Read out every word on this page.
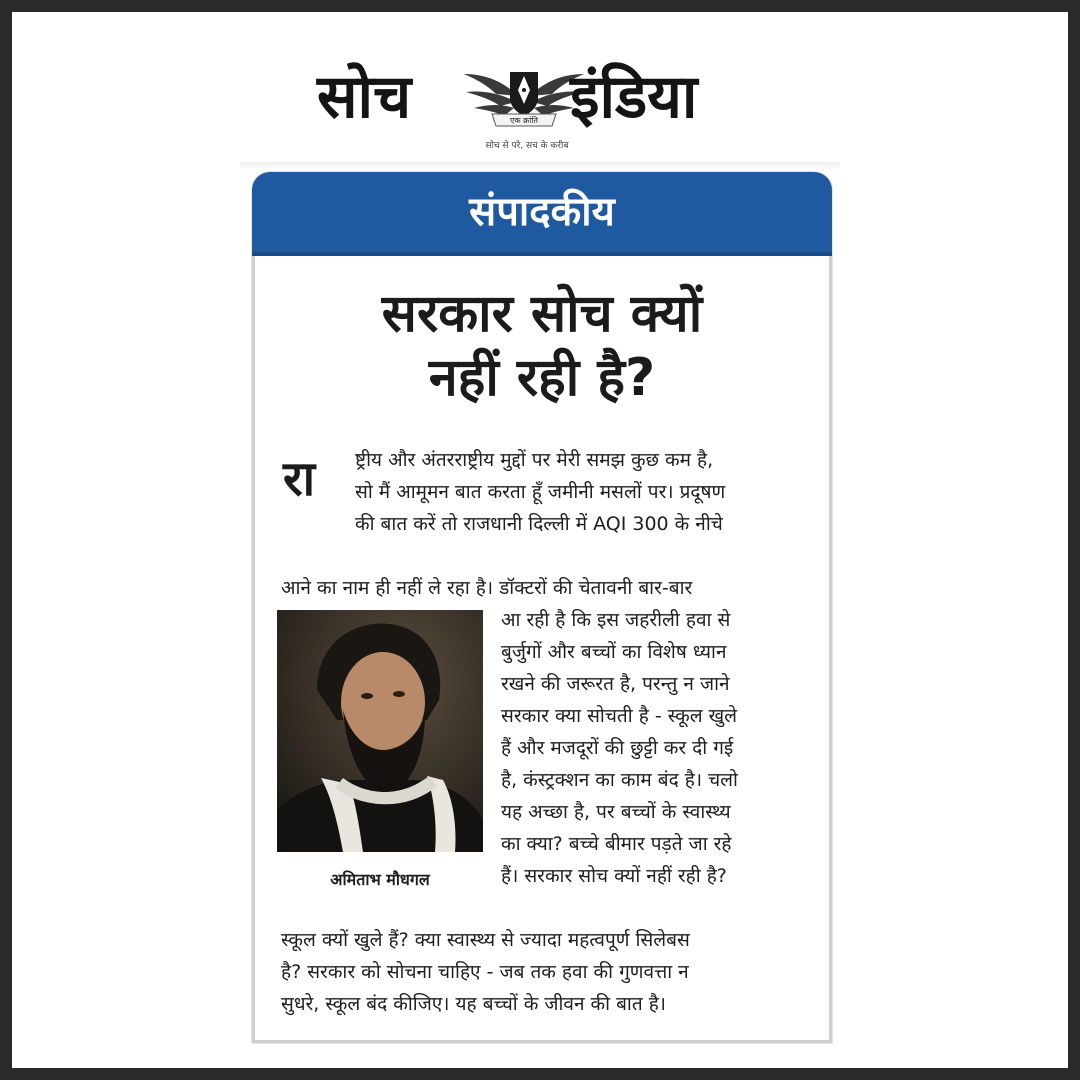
सोच	एक क्रांति
सोच से परे, सच के करीब
इंडिया
संपादकीय
सरकार सोच क्यों
नहीं रही है?
रा ष्ट्रीय और अंतरराष्ट्रीय मुद्दों पर मेरी समझ कुछ कम है,
सो मैं आमूमन बात करता हूँ जमीनी मसलों पर। प्रदूषण
की बात करें तो राजधानी दिल्ली में AQI 300 के नीचे
आने का नाम ही नहीं ले रहा है। डॉक्टरों की चेतावनी बार-बार
अमिताभ मौधगल
आ रही है कि इस जहरीली हवा से
बुर्जुगों और बच्चों का विशेष ध्यान
रखने की जरूरत है, परन्तु न जाने
सरकार क्या सोचती है - स्कूल खुले
हैं और मजदूरों की छुट्टी कर दी गई
है, कंस्ट्रक्शन का काम बंद है। चलो
यह अच्छा है, पर बच्चों के स्वास्थ्य
का क्या? बच्चे बीमार पड़ते जा रहे
हैं। सरकार सोच क्यों नहीं रही है?
स्कूल क्यों खुले हैं? क्या स्वास्थ्य से ज्यादा महत्वपूर्ण सिलेबस
है? सरकार को सोचना चाहिए - जब तक हवा की गुणवत्ता न
सुधरे, स्कूल बंद कीजिए। यह बच्चों के जीवन की बात है।
